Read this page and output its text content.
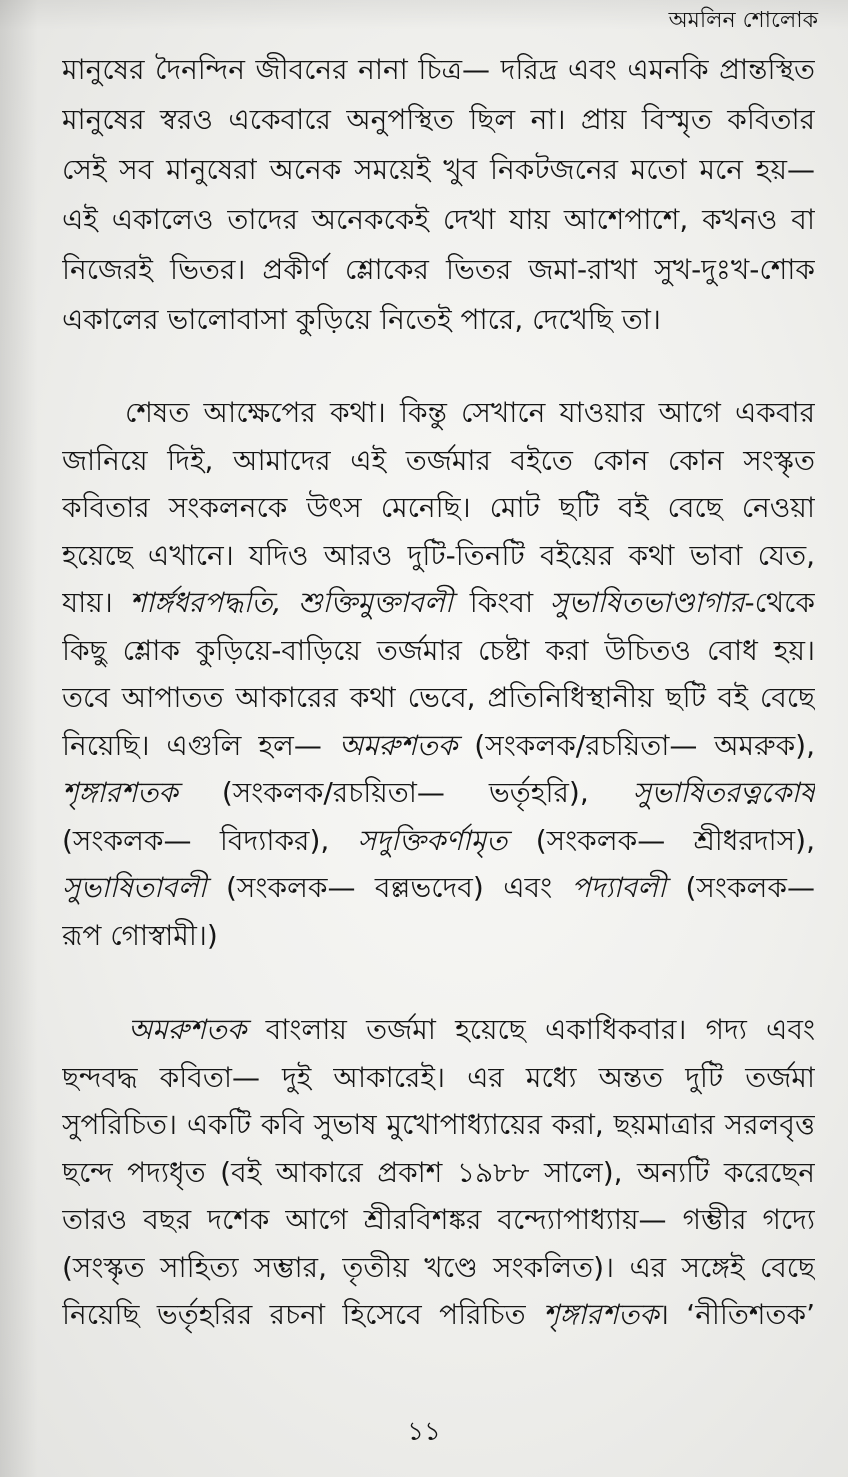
অমলিন শোলোক
মানুষের দৈনন্দিন জীবনের নানা চিত্র— দরিদ্র এবং এমনকি প্রান্তস্থিত
মানুষের স্বরও একেবারে অনুপস্থিত ছিল না। প্রায় বিস্মৃত কবিতার
সেই সব মানুষেরা অনেক সময়েই খুব নিকটজনের মতো মনে হয়—
এই একালেও তাদের অনেককেই দেখা যায় আশেপাশে, কখনও বা
নিজেরই ভিতর। প্রকীর্ণ শ্লোকের ভিতর জমা-রাখা সুখ-দুঃখ-শোক
একালের ভালোবাসা কুড়িয়ে নিতেই পারে, দেখেছি তা।
শেষত আক্ষেপের কথা। কিন্তু সেখানে যাওয়ার আগে একবার
জানিয়ে দিই, আমাদের এই তর্জমার বইতে কোন কোন সংস্কৃত
কবিতার সংকলনকে উৎস মেনেছি। মোট ছটি বই বেছে নেওয়া
হয়েছে এখানে। যদিও আরও দুটি-তিনটি বইয়ের কথা ভাবা যেত,
যায়। শার্ঙ্গধরপদ্ধতি, শুক্তিমুক্তাবলী কিংবা সুভাষিতভাণ্ডাগার-থেকে
কিছু শ্লোক কুড়িয়ে-বাড়িয়ে তর্জমার চেষ্টা করা উচিতও বোধ হয়।
তবে আপাতত আকারের কথা ভেবে, প্রতিনিধিস্থানীয় ছটি বই বেছে
নিয়েছি। এগুলি হল— অমরুশতক (সংকলক/রচয়িতা— অমরুক),
শৃঙ্গারশতক (সংকলক/রচয়িতা— ভর্তৃহরি), সুভাষিতরত্নকোষ
(সংকলক— বিদ্যাকর), সদুক্তিকর্ণামৃত (সংকলক— শ্রীধরদাস),
সুভাষিতাবলী (সংকলক— বল্লভদেব) এবং পদ্যাবলী (সংকলক—
রূপ গোস্বামী।)
অমরুশতক বাংলায় তর্জমা হয়েছে একাধিকবার। গদ্য এবং
ছন্দবদ্ধ কবিতা— দুই আকারেই। এর মধ্যে অন্তত দুটি তর্জমা
সুপরিচিত। একটি কবি সুভাষ মুখোপাধ্যায়ের করা, ছয়মাত্রার সরলবৃত্ত
ছন্দে পদ্যধৃত (বই আকারে প্রকাশ ১৯৮৮ সালে), অন্যটি করেছেন
তারও বছর দশেক আগে শ্রীরবিশঙ্কর বন্দ্যোপাধ্যায়— গম্ভীর গদ্যে
(সংস্কৃত সাহিত্য সম্ভার, তৃতীয় খণ্ডে সংকলিত)। এর সঙ্গেই বেছে
নিয়েছি ভর্তৃহরির রচনা হিসেবে পরিচিত শৃঙ্গারশতক। ‘নীতিশতক’
১১
